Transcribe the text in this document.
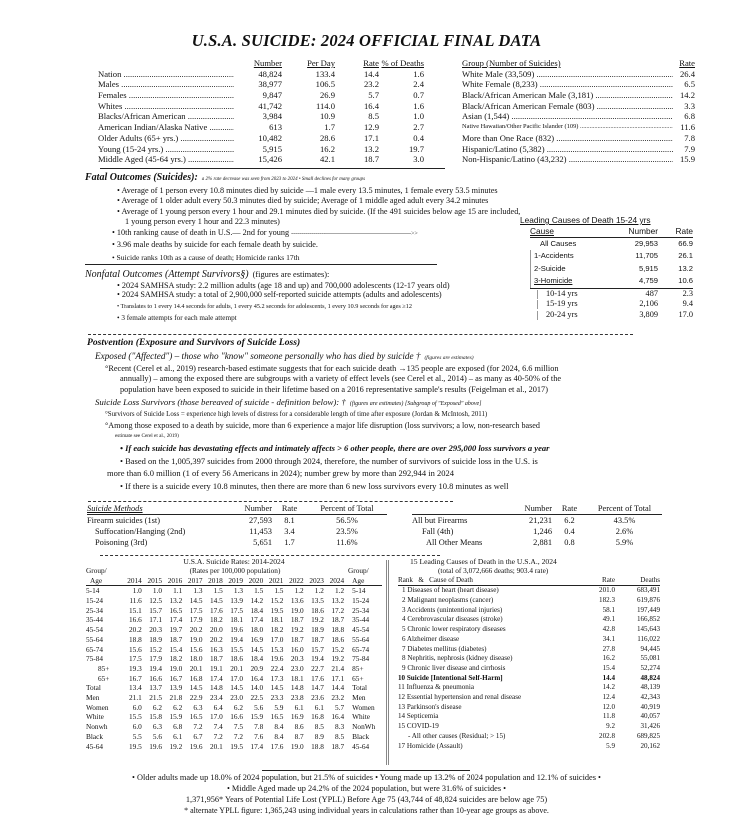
U.S.A. SUICIDE: 2024 OFFICIAL FINAL DATA
Number	Per Day	Rate % of Deaths
Nation .....	48,824	133.4	14.4	1.6
Males .....	38,977	106.5	23.2	2.4
Females .....	9,847	26.9	5.7	0.7
Whites .....	41,742	114.0	16.4	1.6
Blacks/African American .....	3,984	10.9	8.5	1.0
American Indian/Alaska Native .....	613	1.7	12.9	2.7
Older Adults (65+ yrs.) .....	10,482	28.6	17.1	0.4
Young (15-24 yrs.) .....	5,915	16.2	13.2	19.7
Middle Aged (45-64 yrs.) .....	15,426	42.1	18.7	3.0
Group (Number of Suicides)	Rate
White Male (33,509) .....	26.4
White Female (8,233) .....	6.5
Black/African American Male (3,181) .....	14.2
Black/African American Female (803) .....	3.3
Asian (1,544) .....	6.8
Native Hawaiian/Other Pacific Islander (109) .....	11.6
More than One Race (832) .....	7.8
Hispanic/Latino (5,382) .....	7.9
Non-Hispanic/Latino (43,232) .....	15.9
Fatal Outcomes (Suicides): a 2% rate decrease was seen from 2023 to 2024 • Small declines for many groups
• Average of 1 person every 10.8 minutes died by suicide —1 male every 13.5 minutes, 1 female every 53.5 minutes
• Average of 1 older adult every 50.3 minutes died by suicide; Average of 1 middle aged adult every 34.2 minutes
• Average of 1 young person every 1 hour and 29.1 minutes died by suicide. (If the 491 suicides below age 15 are included,
1 young person every 1 hour and 22.3 minutes)
• 10th ranking cause of death in U.S.— 2nd for young ------------------------------------------------------------>>
• 3.96 male deaths by suicide for each female death by suicide.
• Suicide ranks 10th as a cause of death; Homicide ranks 17th
Leading Causes of Death 15-24 yrs
Cause	Number	Rate
All Causes	29,953	66.9
1-Accidents	11,705	26.1
2-Suicide	5,915	13.2
3-Homicide	4,759	10.6
10-14 yrs	487	2.3
15-19 yrs	2,106	9.4
20-24 yrs	3,809	17.0
Nonfatal Outcomes (Attempt Survivors§) (figures are estimates):
• 2024 SAMHSA study: 2.2 million adults (age 18 and up) and 700,000 adolescents (12-17 years old)
• 2024 SAMHSA study: a total of 2,900,000 self-reported suicide attempts (adults and adolescents)
• Translates to 1 every 14.4 seconds for adults, 1 every 45.2 seconds for adolescents, 1 every 10.9 seconds for ages ≥12
• 3 female attempts for each male attempt
Postvention (Exposure and Survivors of Suicide Loss)
Exposed ("Affected") – those who "know" someone personally who has died by suicide † (figures are estimates)
°Recent (Cerel et al., 2019) research-based estimate suggests that for each suicide death →135 people are exposed (for 2024, 6.6 million
annually) – among the exposed there are subgroups with a variety of effect levels (see Cerel et al., 2014) – as many as 40-50% of the
population have been exposed to suicide in their lifetime based on a 2016 representative sample's results (Feigelman et al., 2017)
Suicide Loss Survivors (those bereaved of suicide - definition below): † (figures are estimates) [Subgroup of "Exposed" above]
°Survivors of Suicide Loss = experience high levels of distress for a considerable length of time after exposure (Jordan & McIntosh, 2011)
°Among those exposed to a death by suicide, more than 6 experience a major life disruption (loss survivors; a low, non-research based
estimate see Cerel et al., 2019)
• If each suicide has devastating effects and intimately affects > 6 other people, there are over 295,000 loss survivors a year
• Based on the 1,005,397 suicides from 2000 through 2024, therefore, the number of survivors of suicide loss in the U.S. is
more than 6.0 million (1 of every 56 Americans in 2024); number grew by more than 292,944 in 2024
• If there is a suicide every 10.8 minutes, then there are more than 6 new loss survivors every 10.8 minutes as well
Suicide Methods	Number	Rate	Percent of Total
Firearm suicides (1st)	27,593	8.1	56.5%
Suffocation/Hanging (2nd)	11,453	3.4	23.5%
Poisoning (3rd)	5,651	1.7	11.6%
	Number	Rate	Percent of Total
All but Firearms	21,231	6.2	43.5%
Fall (4th)	1,246	0.4	2.6%
All Other Means	2,881	0.8	5.9%
U.S.A. Suicide Rates: 2014-2024
Group/	(Rates per 100,000 population)	Group/
Age	2014	2015	2016	2017	2018	2019	2020	2021	2022	2023	2024	Age
5-14	1.0	1.0	1.1	1.3	1.5	1.3	1.5	1.5	1.2	1.2	1.2	5-14
15-24	11.6	12.5	13.2	14.5	14.5	13.9	14.2	15.2	13.6	13.5	13.2	15-24
25-34	15.1	15.7	16.5	17.5	17.6	17.5	18.4	19.5	19.0	18.6	17.2	25-34
35-44	16.6	17.1	17.4	17.9	18.2	18.1	17.4	18.1	18.7	19.2	18.7	35-44
45-54	20.2	20.3	19.7	20.2	20.0	19.6	18.0	18.2	19.2	18.9	18.8	45-54
55-64	18.8	18.9	18.7	19.0	20.2	19.4	16.9	17.0	18.7	18.7	18.6	55-64
65-74	15.6	15.2	15.4	15.6	16.3	15.5	14.5	15.3	16.0	15.7	15.2	65-74
75-84	17.5	17.9	18.2	18.0	18.7	18.6	18.4	19.6	20.3	19.4	19.2	75-84
85+	19.3	19.4	19.0	20.1	19.1	20.1	20.9	22.4	23.0	22.7	21.4	85+
65+	16.7	16.6	16.7	16.8	17.4	17.0	16.4	17.3	18.1	17.6	17.1	65+
Total	13.4	13.7	13.9	14.5	14.8	14.5	14.0	14.5	14.8	14.7	14.4	Total
Men	21.1	21.5	21.8	22.9	23.4	23.0	22.5	23.3	23.8	23.6	23.2	Men
Women	6.0	6.2	6.2	6.3	6.4	6.2	5.6	5.9	6.1	6.1	5.7	Women
White	15.5	15.8	15.9	16.5	17.0	16.6	15.9	16.5	16.9	16.8	16.4	White
Nonwh	6.0	6.3	6.8	7.2	7.4	7.5	7.8	8.4	8.6	8.5	8.3	NonWh
Black	5.5	5.6	6.1	6.7	7.2	7.2	7.6	8.4	8.7	8.9	8.5	Black
45-64	19.5	19.6	19.2	19.6	20.1	19.5	17.4	17.6	19.0	18.8	18.7	45-64
15 Leading Causes of Death in the U.S.A., 2024
(total of 3,072,666 deaths; 903.4 rate)
Rank & Cause of Death	Rate	Deaths
1 Diseases of heart (heart disease)	201.0	683,491
2 Malignant neoplasms (cancer)	182.3	619,876
3 Accidents (unintentional injuries)	58.1	197,449
4 Cerebrovascular diseases (stroke)	49.1	166,852
5 Chronic lower respiratory diseases	42.8	145,643
6 Alzheimer disease	34.1	116,022
7 Diabetes mellitus (diabetes)	27.8	94,445
8 Nephritis, nephrosis (kidney disease)	16.2	55,081
9 Chronic liver disease and cirrhosis	15.4	52,274
10 Suicide [Intentional Self-Harm]	14.4	48,824
11 Influenza & pneumonia	14.2	48,139
12 Essential hypertension and renal disease	12.4	42,343
13 Parkinson's disease	12.0	40,919
14 Septicemia	11.8	40,057
15 COVID-19	9.2	31,426
- All other causes (Residual; > 15)	202.8	689,825
17 Homicide (Assault)	5.9	20,162
• Older adults made up 18.0% of 2024 population, but 21.5% of suicides • Young made up 13.2% of 2024 population and 12.1% of suicides •
• Middle Aged made up 24.2% of the 2024 population, but were 31.6% of suicides •
1,371,956* Years of Potential Life Lost (YPLL) Before Age 75 (43,744 of 48,824 suicides are below age 75)
* alternate YPLL figure: 1,365,243 using individual years in calculations rather than 10-year age groups as above.
